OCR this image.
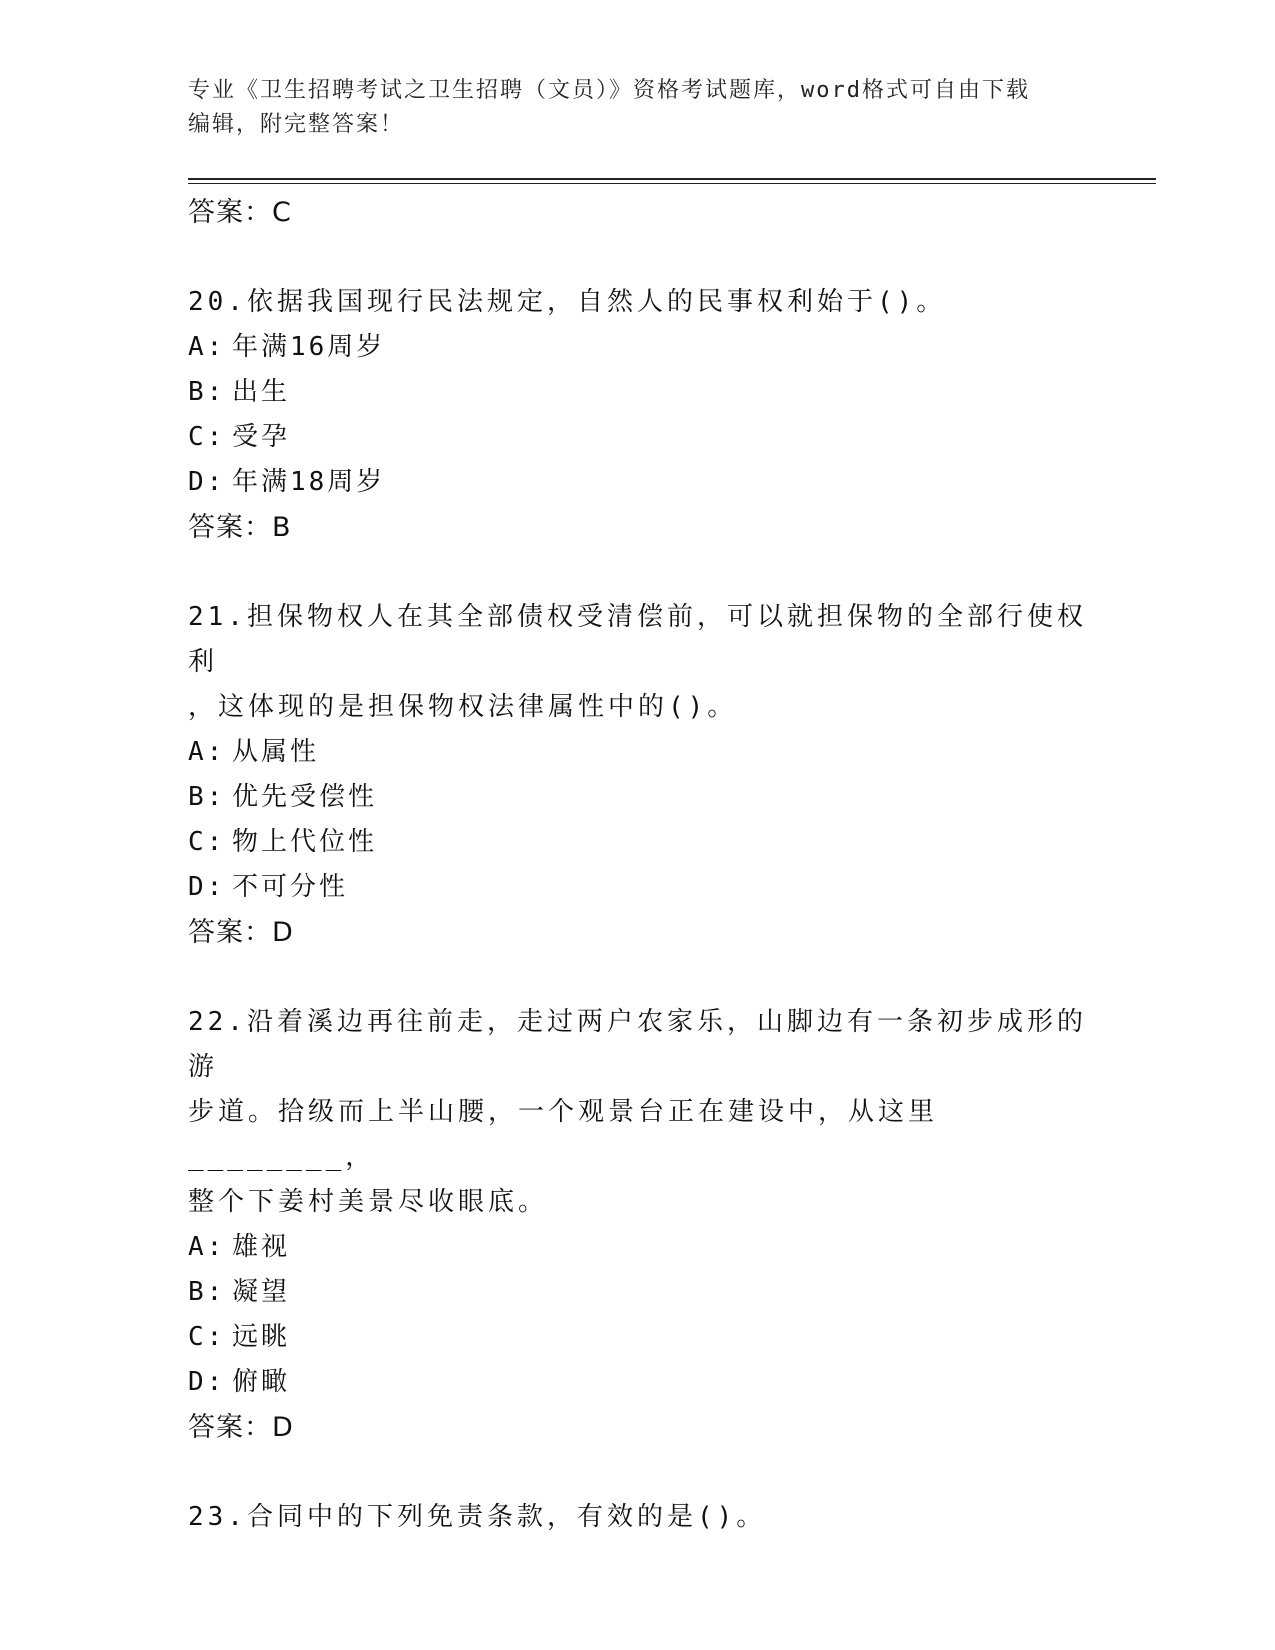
专业《卫生招聘考试之卫生招聘（文员）》资格考试题库，word格式可自由下载
编辑，附完整答案！
答案：C
20.依据我国现行民法规定，自然人的民事权利始于()。
A: 年满16周岁
B: 出生
C: 受孕
D: 年满18周岁
答案：B
21.担保物权人在其全部债权受清偿前，可以就担保物的全部行使权利
，这体现的是担保物权法律属性中的()。
A: 从属性
B: 优先受偿性
C: 物上代位性
D: 不可分性
答案：D
22.沿着溪边再往前走，走过两户农家乐，山脚边有一条初步成形的游
步道。拾级而上半山腰，一个观景台正在建设中，从这里________，
整个下姜村美景尽收眼底。
A: 雄视
B: 凝望
C: 远眺
D: 俯瞰
答案：D
23.合同中的下列免责条款，有效的是()。
